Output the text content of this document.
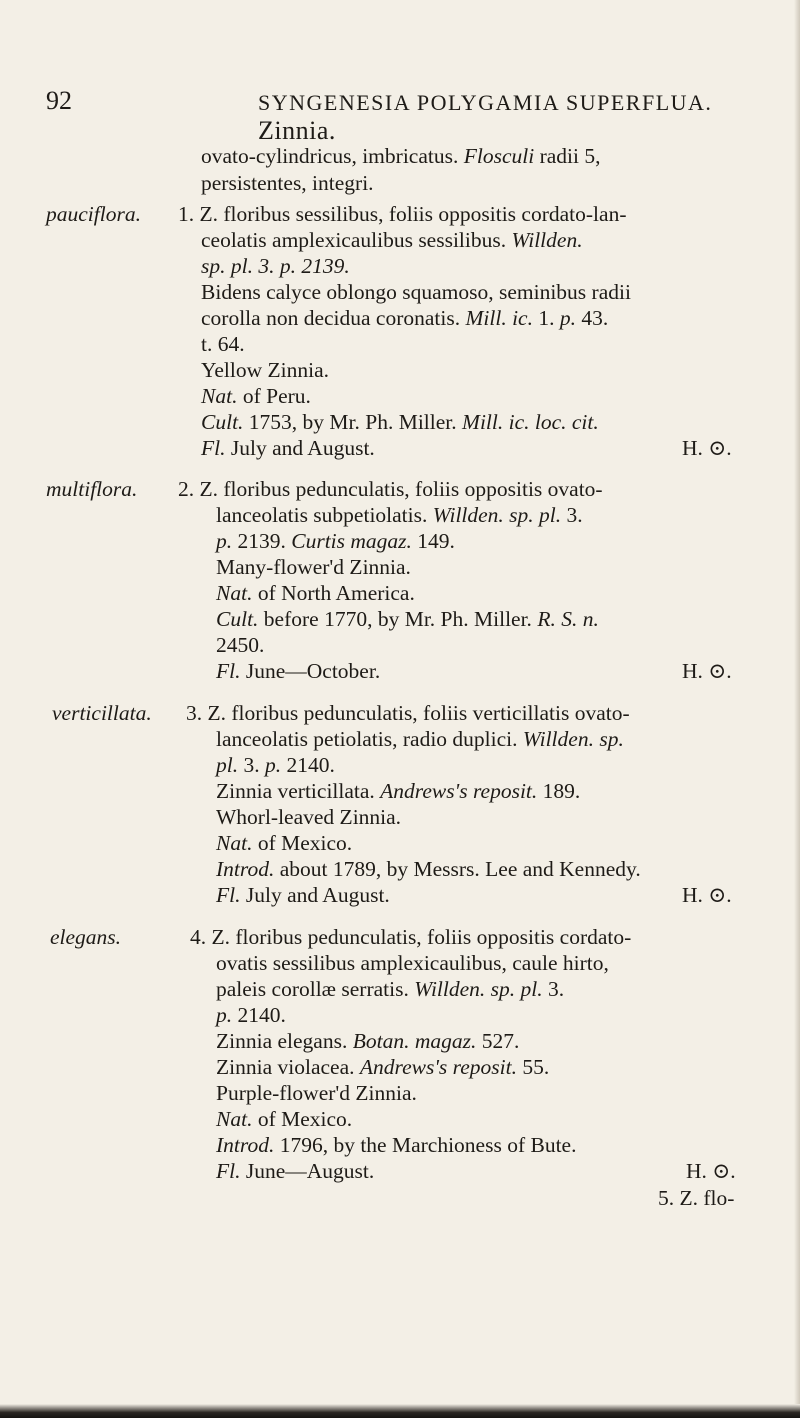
92	SYNGENESIA POLYGAMIA SUPERFLUA. Zinnia.
ovato-cylindricus, imbricatus. Flosculi radii 5,
persistentes, integri.
pauciflora. 1. Z. floribus sessilibus, foliis oppositis cordato-lan-
ceolatis amplexicaulibus sessilibus. Willden.
sp. pl. 3. p. 2139.
Bidens calyce oblongo squamoso, seminibus radii
corolla non decidua coronatis. Mill. ic. 1. p. 43.
t. 64.
Yellow Zinnia.
Nat. of Peru.
Cult. 1753, by Mr. Ph. Miller. Mill. ic. loc. cit.
Fl. July and August.	H. ⊙.
multiflora. 2. Z. floribus pedunculatis, foliis oppositis ovato-
lanceolatis subpetiolatis. Willden. sp. pl. 3.
p. 2139. Curtis magaz. 149.
Many-flower'd Zinnia.
Nat. of North America.
Cult. before 1770, by Mr. Ph. Miller. R. S. n.
2450.
Fl. June—October.	H. ⊙.
verticillata. 3. Z. floribus pedunculatis, foliis verticillatis ovato-
lanceolatis petiolatis, radio duplici. Willden. sp.
pl. 3. p. 2140.
Zinnia verticillata. Andrews's reposit. 189.
Whorl-leaved Zinnia.
Nat. of Mexico.
Introd. about 1789, by Messrs. Lee and Kennedy.
Fl. July and August.	H. ⊙.
elegans.	4. Z. floribus pedunculatis, foliis oppositis cordato-
ovatis sessilibus amplexicaulibus, caule hirto,
paleis corollæ serratis. Willden. sp. pl. 3.
p. 2140.
Zinnia elegans. Botan. magaz. 527.
Zinnia violacea. Andrews's reposit. 55.
Purple-flower'd Zinnia.
Nat. of Mexico.
Introd. 1796, by the Marchioness of Bute.
Fl. June—August.	H. ⊙.
5. Z. flo-
